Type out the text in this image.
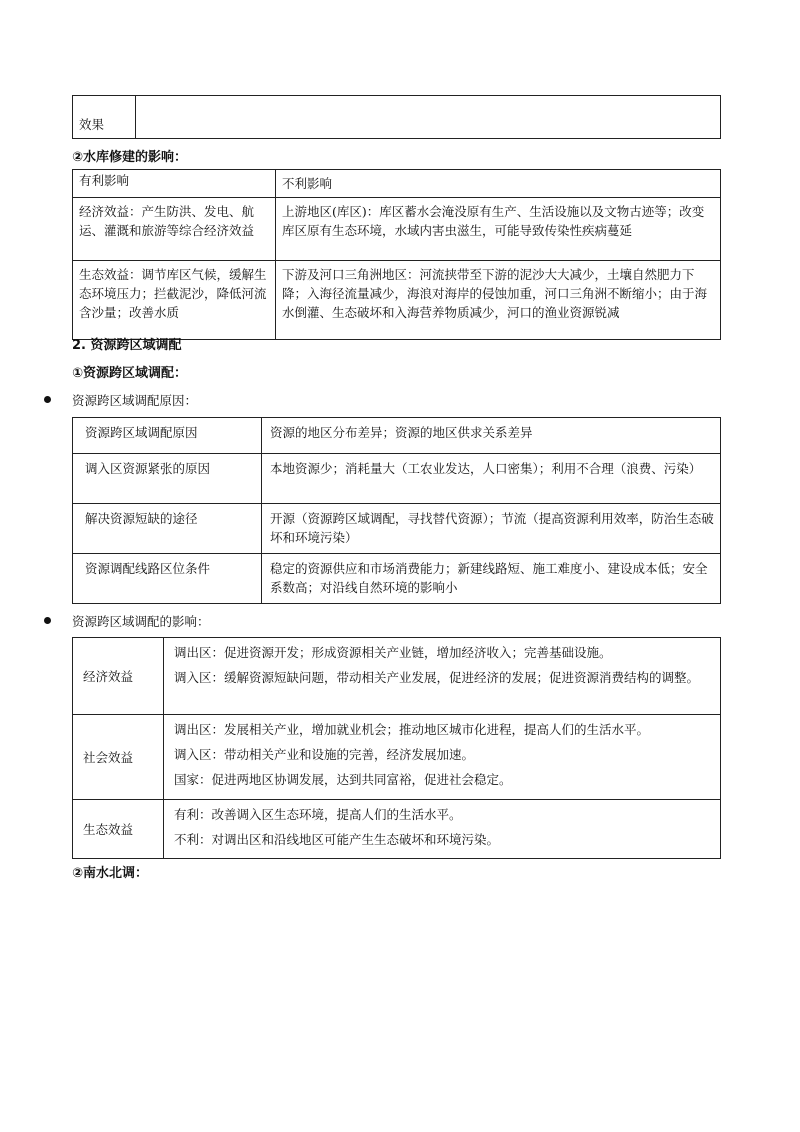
效果	
②水库修建的影响：
有利影响	不利影响
经济效益：产生防洪、发电、航运、灌溉和旅游等综合经济效益	上游地区(库区)：库区蓄水会淹没原有生产、生活设施以及文物古迹等；改变库区原有生态环境，水域内害虫滋生，可能导致传染性疾病蔓延
生态效益：调节库区气候，缓解生态环境压力；拦截泥沙，降低河流含沙量；改善水质	下游及河口三角洲地区：河流挟带至下游的泥沙大大减少，土壤自然肥力下降；入海径流量减少，海浪对海岸的侵蚀加重，河口三角洲不断缩小；由于海水倒灌、生态破坏和入海营养物质减少，河口的渔业资源锐减
2. 资源跨区域调配
①资源跨区域调配：
资源跨区域调配原因：
资源跨区域调配原因	资源的地区分布差异；资源的地区供求关系差异
调入区资源紧张的原因	本地资源少；消耗量大（工农业发达，人口密集）；利用不合理（浪费、污染）
解决资源短缺的途径	开源（资源跨区域调配，寻找替代资源）；节流（提高资源利用效率，防治生态破坏和环境污染）
资源调配线路区位条件	稳定的资源供应和市场消费能力；新建线路短、施工难度小、建设成本低；安全系数高；对沿线自然环境的影响小
资源跨区域调配的影响：
经济效益	调出区：促进资源开发；形成资源相关产业链，增加经济收入；完善基础设施。

调入区：缓解资源短缺问题，带动相关产业发展，促进经济的发展；促进资源消费结构的调整。

社会效益	调出区：发展相关产业，增加就业机会；推动地区城市化进程，提高人们的生活水平。

调入区：带动相关产业和设施的完善，经济发展加速。

国家：促进两地区协调发展，达到共同富裕，促进社会稳定。

生态效益	有利：改善调入区生态环境，提高人们的生活水平。

不利：对调出区和沿线地区可能产生生态破坏和环境污染。

②南水北调：
